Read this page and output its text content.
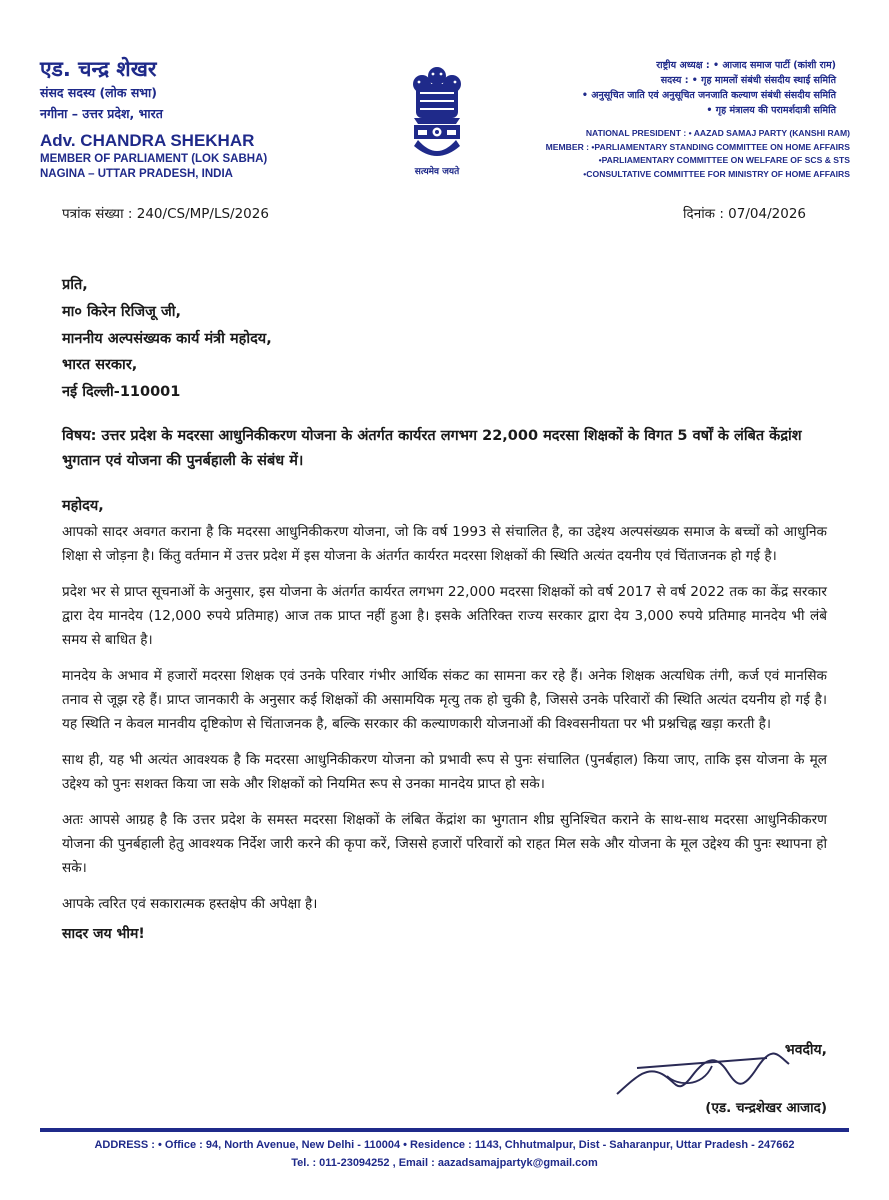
एड. चन्द्र शेखर
संसद सदस्य (लोक सभा)
नगीना – उत्तर प्रदेश, भारत
Adv. CHANDRA SHEKHAR
MEMBER OF PARLIAMENT (LOK SABHA)
NAGINA – UTTAR PRADESH, INDIA	सत्यमेव जयते
राष्ट्रीय अध्यक्ष : • आजाद समाज पार्टी (कांशी राम)
सदस्य : • गृह मामलों संबंधी संसदीय स्थाई समिति
• अनुसूचित जाति एवं अनुसूचित जनजाति कल्याण संबंधी संसदीय समिति
• गृह मंत्रालय की परामर्शदात्री समिति
NATIONAL PRESIDENT : • AAZAD SAMAJ PARTY (KANSHI RAM)
MEMBER : •PARLIAMENTARY STANDING COMMITTEE ON HOME AFFAIRS
•PARLIAMENTARY COMMITTEE ON WELFARE OF SCS & STS
•CONSULTATIVE COMMITTEE FOR MINISTRY OF HOME AFFAIRS
पत्रांक संख्या : 240/CS/MP/LS/2026	दिनांक : 07/04/2026
प्रति,
मा० किरेन रिजिजू जी,
माननीय अल्पसंख्यक कार्य मंत्री महोदय,
भारत सरकार,
नई दिल्ली-110001
विषय: उत्तर प्रदेश के मदरसा आधुनिकीकरण योजना के अंतर्गत कार्यरत लगभग 22,000 मदरसा शिक्षकों के विगत 5 वर्षों के लंबित केंद्रांश भुगतान एवं योजना की पुनर्बहाली के संबंध में।
महोदय,

आपको सादर अवगत कराना है कि मदरसा आधुनिकीकरण योजना, जो कि वर्ष 1993 से संचालित है, का उद्देश्य अल्पसंख्यक समाज के बच्चों को आधुनिक शिक्षा से जोड़ना है। किंतु वर्तमान में उत्तर प्रदेश में इस योजना के अंतर्गत कार्यरत मदरसा शिक्षकों की स्थिति अत्यंत दयनीय एवं चिंताजनक हो गई है।

प्रदेश भर से प्राप्त सूचनाओं के अनुसार, इस योजना के अंतर्गत कार्यरत लगभग 22,000 मदरसा शिक्षकों को वर्ष 2017 से वर्ष 2022 तक का केंद्र सरकार द्वारा देय मानदेय (12,000 रुपये प्रतिमाह) आज तक प्राप्त नहीं हुआ है। इसके अतिरिक्त राज्य सरकार द्वारा देय 3,000 रुपये प्रतिमाह मानदेय भी लंबे समय से बाधित है।

मानदेय के अभाव में हजारों मदरसा शिक्षक एवं उनके परिवार गंभीर आर्थिक संकट का सामना कर रहे हैं। अनेक शिक्षक अत्यधिक तंगी, कर्ज एवं मानसिक तनाव से जूझ रहे हैं। प्राप्त जानकारी के अनुसार कई शिक्षकों की असामयिक मृत्यु तक हो चुकी है, जिससे उनके परिवारों की स्थिति अत्यंत दयनीय हो गई है। यह स्थिति न केवल मानवीय दृष्टिकोण से चिंताजनक है, बल्कि सरकार की कल्याणकारी योजनाओं की विश्वसनीयता पर भी प्रश्नचिह्न खड़ा करती है।

साथ ही, यह भी अत्यंत आवश्यक है कि मदरसा आधुनिकीकरण योजना को प्रभावी रूप से पुनः संचालित (पुनर्बहाल) किया जाए, ताकि इस योजना के मूल उद्देश्य को पुनः सशक्त किया जा सके और शिक्षकों को नियमित रूप से उनका मानदेय प्राप्त हो सके।

अतः आपसे आग्रह है कि उत्तर प्रदेश के समस्त मदरसा शिक्षकों के लंबित केंद्रांश का भुगतान शीघ्र सुनिश्चित कराने के साथ-साथ मदरसा आधुनिकीकरण योजना की पुनर्बहाली हेतु आवश्यक निर्देश जारी करने की कृपा करें, जिससे हजारों परिवारों को राहत मिल सके और योजना के मूल उद्देश्य की पुनः स्थापना हो सके।

आपके त्वरित एवं सकारात्मक हस्तक्षेप की अपेक्षा है।

सादर जय भीम!
भवदीय,
(एड. चन्द्रशेखर आजाद)
ADDRESS : • Office : 94, North Avenue, New Delhi - 110004 • Residence : 1143, Chhutmalpur, Dist - Saharanpur, Uttar Pradesh - 247662
Tel. : 011-23094252 , Email : aazadsamajpartyk@gmail.com
